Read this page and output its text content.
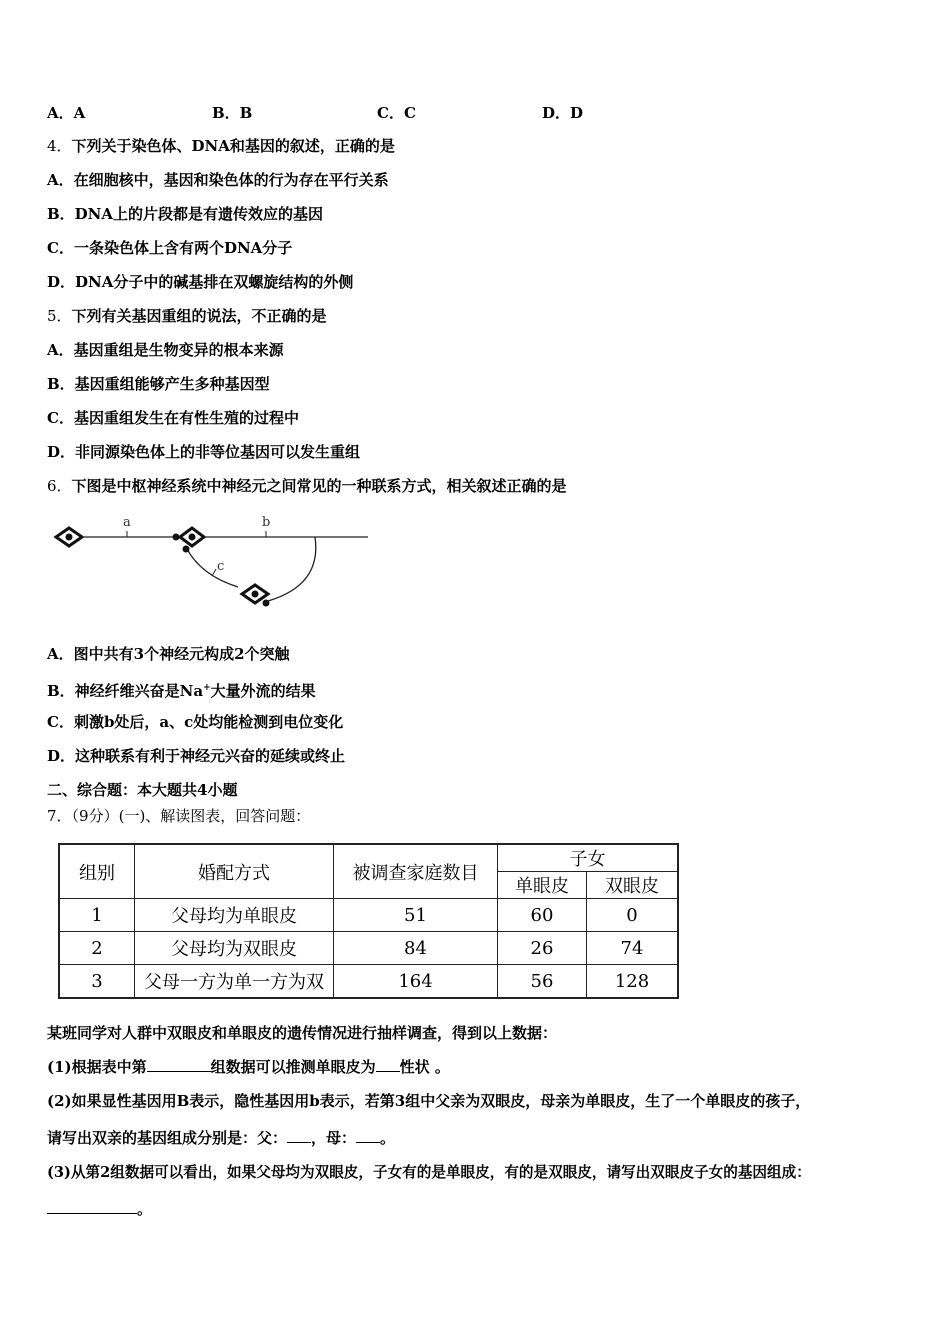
A．A	B．B	C．C	D．D
4．下列关于染色体、DNA和基因的叙述，正确的是
A．在细胞核中，基因和染色体的行为存在平行关系
B．DNA上的片段都是有遗传效应的基因
C．一条染色体上含有两个DNA分子
D．DNA分子中的碱基排在双螺旋结构的外侧
5．下列有关基因重组的说法，不正确的是
A．基因重组是生物变异的根本来源
B．基因重组能够产生多种基因型
C．基因重组发生在有性生殖的过程中
D．非同源染色体上的非等位基因可以发生重组
6．下图是中枢神经系统中神经元之间常见的一种联系方式，相关叙述正确的是
a	b
c
A．图中共有3个神经元构成2个突触
B．神经纤维兴奋是Na+大量外流的结果
C．刺激b处后，a、c处均能检测到电位变化
D．这种联系有利于神经元兴奋的延续或终止
二、综合题：本大题共4小题
7．（9分）(一)、解读图表，回答问题：
组别	婚配方式	被调查家庭数目	子女	
			单眼皮	双眼皮
1	父母均为单眼皮	51	60	0
2	父母均为双眼皮	84	26	74
3	父母一方为单一方为双	164	56	128
某班同学对人群中双眼皮和单眼皮的遗传情况进行抽样调查，得到以上数据：
(1)根据表中第	组数据可以推测单眼皮为 性状 。
(2)如果显性基因用B表示，隐性基因用b表示，若第3组中父亲为双眼皮，母亲为单眼皮，生了一个单眼皮的孩子，
请写出双亲的基因组成分别是：父： ，母： 。
(3)从第2组数据可以看出，如果父母均为双眼皮，子女有的是单眼皮，有的是双眼皮，请写出双眼皮子女的基因组成：
。
